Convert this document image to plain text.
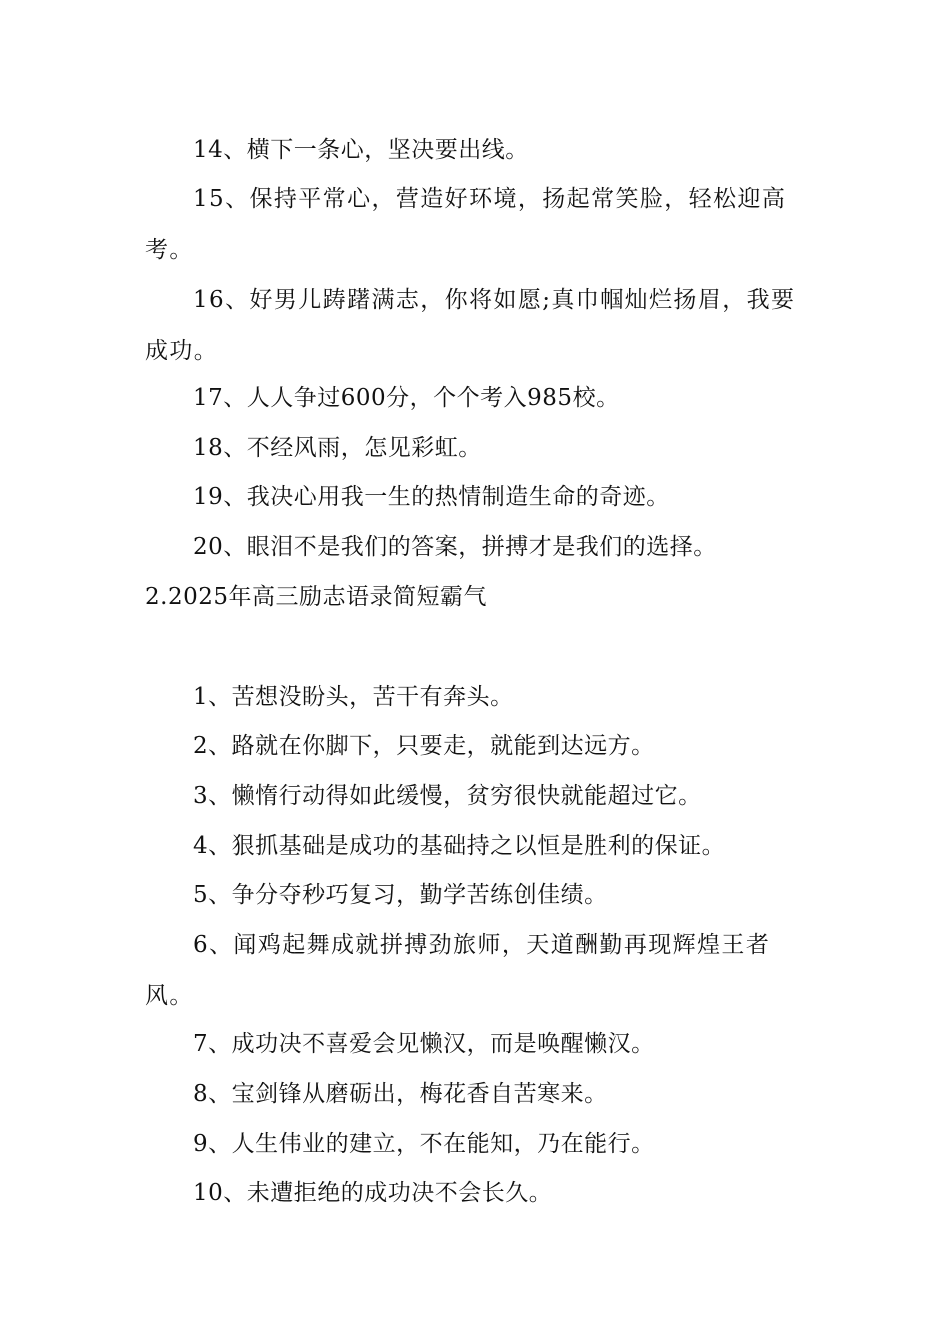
14、横下一条心，坚决要出线。
15、保持平常心，营造好环境，扬起常笑脸，轻松迎高考。
16、好男儿踌躇满志，你将如愿;真巾帼灿烂扬眉，我要成功。
17、人人争过600分，个个考入985校。
18、不经风雨，怎见彩虹。
19、我决心用我一生的热情制造生命的奇迹。
20、眼泪不是我们的答案，拼搏才是我们的选择。
2.2025年高三励志语录简短霸气
1、苦想没盼头，苦干有奔头。
2、路就在你脚下，只要走，就能到达远方。
3、懒惰行动得如此缓慢，贫穷很快就能超过它。
4、狠抓基础是成功的基础持之以恒是胜利的保证。
5、争分夺秒巧复习，勤学苦练创佳绩。
6、闻鸡起舞成就拼搏劲旅师，天道酬勤再现辉煌王者风。
7、成功决不喜爱会见懒汉，而是唤醒懒汉。
8、宝剑锋从磨砺出，梅花香自苦寒来。
9、人生伟业的建立，不在能知，乃在能行。
10、未遭拒绝的成功决不会长久。
